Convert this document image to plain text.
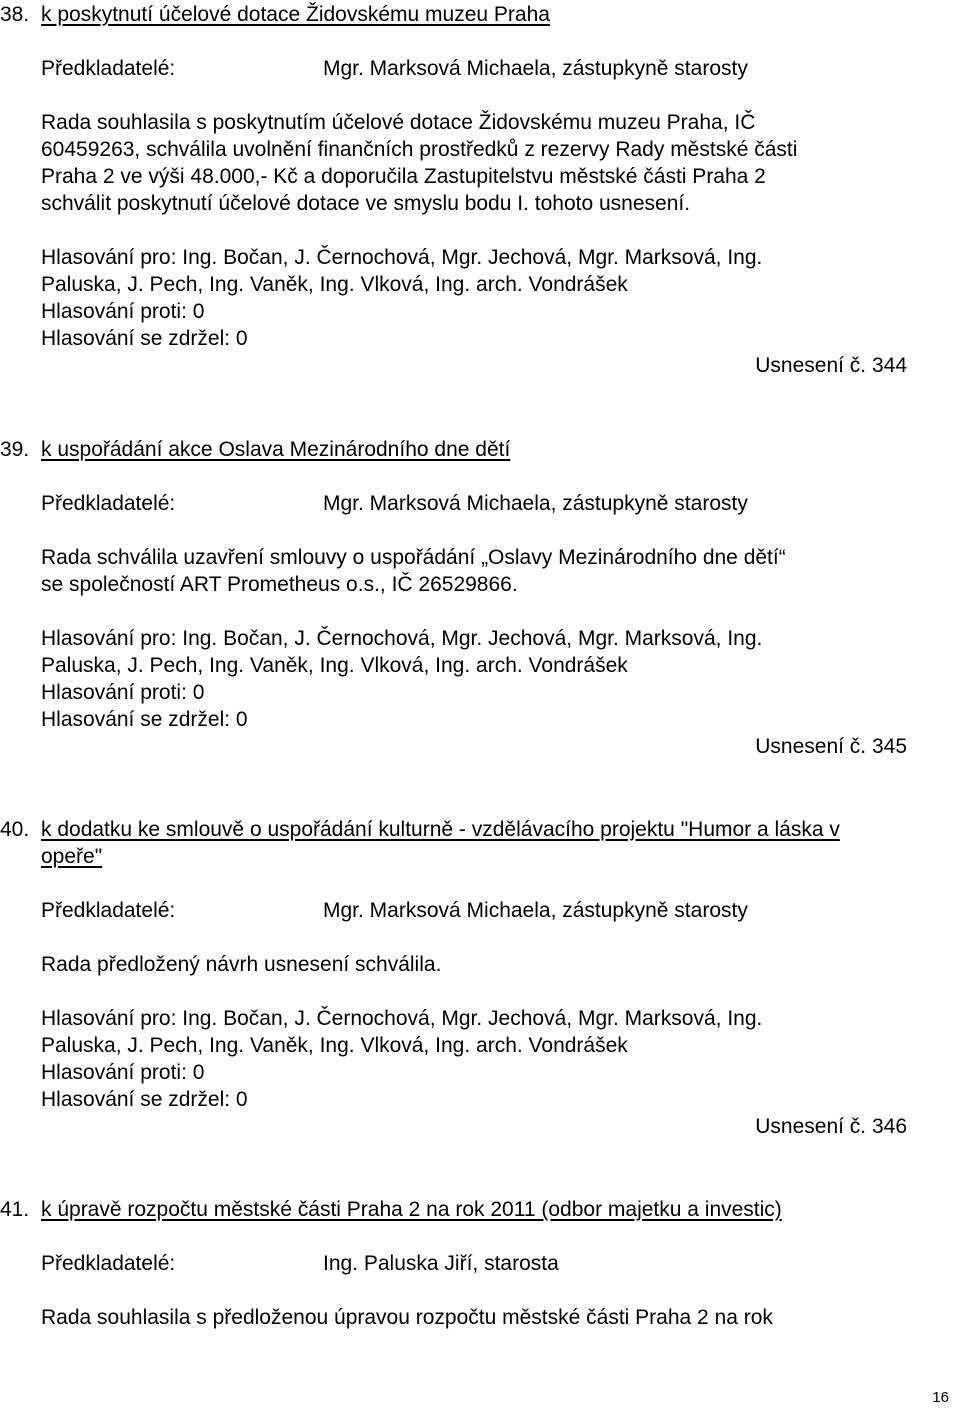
38. k poskytnutí účelové dotace Židovskému muzeu Praha
Předkladatelé:	Mgr. Marksová Michaela, zástupkyně starosty
Rada souhlasila s poskytnutím účelové dotace Židovskému muzeu Praha, IČ
60459263, schválila uvolnění finančních prostředků z rezervy Rady městské části
Praha 2 ve výši 48.000,- Kč a doporučila Zastupitelstvu městské části Praha 2
schválit poskytnutí účelové dotace ve smyslu bodu I. tohoto usnesení.
Hlasování pro: Ing. Bočan, J. Černochová, Mgr. Jechová, Mgr. Marksová, Ing.
Paluska, J. Pech, Ing. Vaněk, Ing. Vlková, Ing. arch. Vondrášek
Hlasování proti: 0
Hlasování se zdržel: 0
Usnesení č. 344
39. k uspořádání akce Oslava Mezinárodního dne dětí
Předkladatelé:	Mgr. Marksová Michaela, zástupkyně starosty
Rada schválila uzavření smlouvy o uspořádání „Oslavy Mezinárodního dne dětí“
se společností ART Prometheus o.s., IČ 26529866.
Hlasování pro: Ing. Bočan, J. Černochová, Mgr. Jechová, Mgr. Marksová, Ing.
Paluska, J. Pech, Ing. Vaněk, Ing. Vlková, Ing. arch. Vondrášek
Hlasování proti: 0
Hlasování se zdržel: 0
Usnesení č. 345
40. k dodatku ke smlouvě o uspořádání kulturně - vzdělávacího projektu "Humor a láska v opeře"
Předkladatelé:	Mgr. Marksová Michaela, zástupkyně starosty
Rada předložený návrh usnesení schválila.
Hlasování pro: Ing. Bočan, J. Černochová, Mgr. Jechová, Mgr. Marksová, Ing.
Paluska, J. Pech, Ing. Vaněk, Ing. Vlková, Ing. arch. Vondrášek
Hlasování proti: 0
Hlasování se zdržel: 0
Usnesení č. 346
41. k úpravě rozpočtu městské části Praha 2 na rok 2011 (odbor majetku a investic)
Předkladatelé:	Ing. Paluska Jiří, starosta
Rada souhlasila s předloženou úpravou rozpočtu městské části Praha 2 na rok
16
